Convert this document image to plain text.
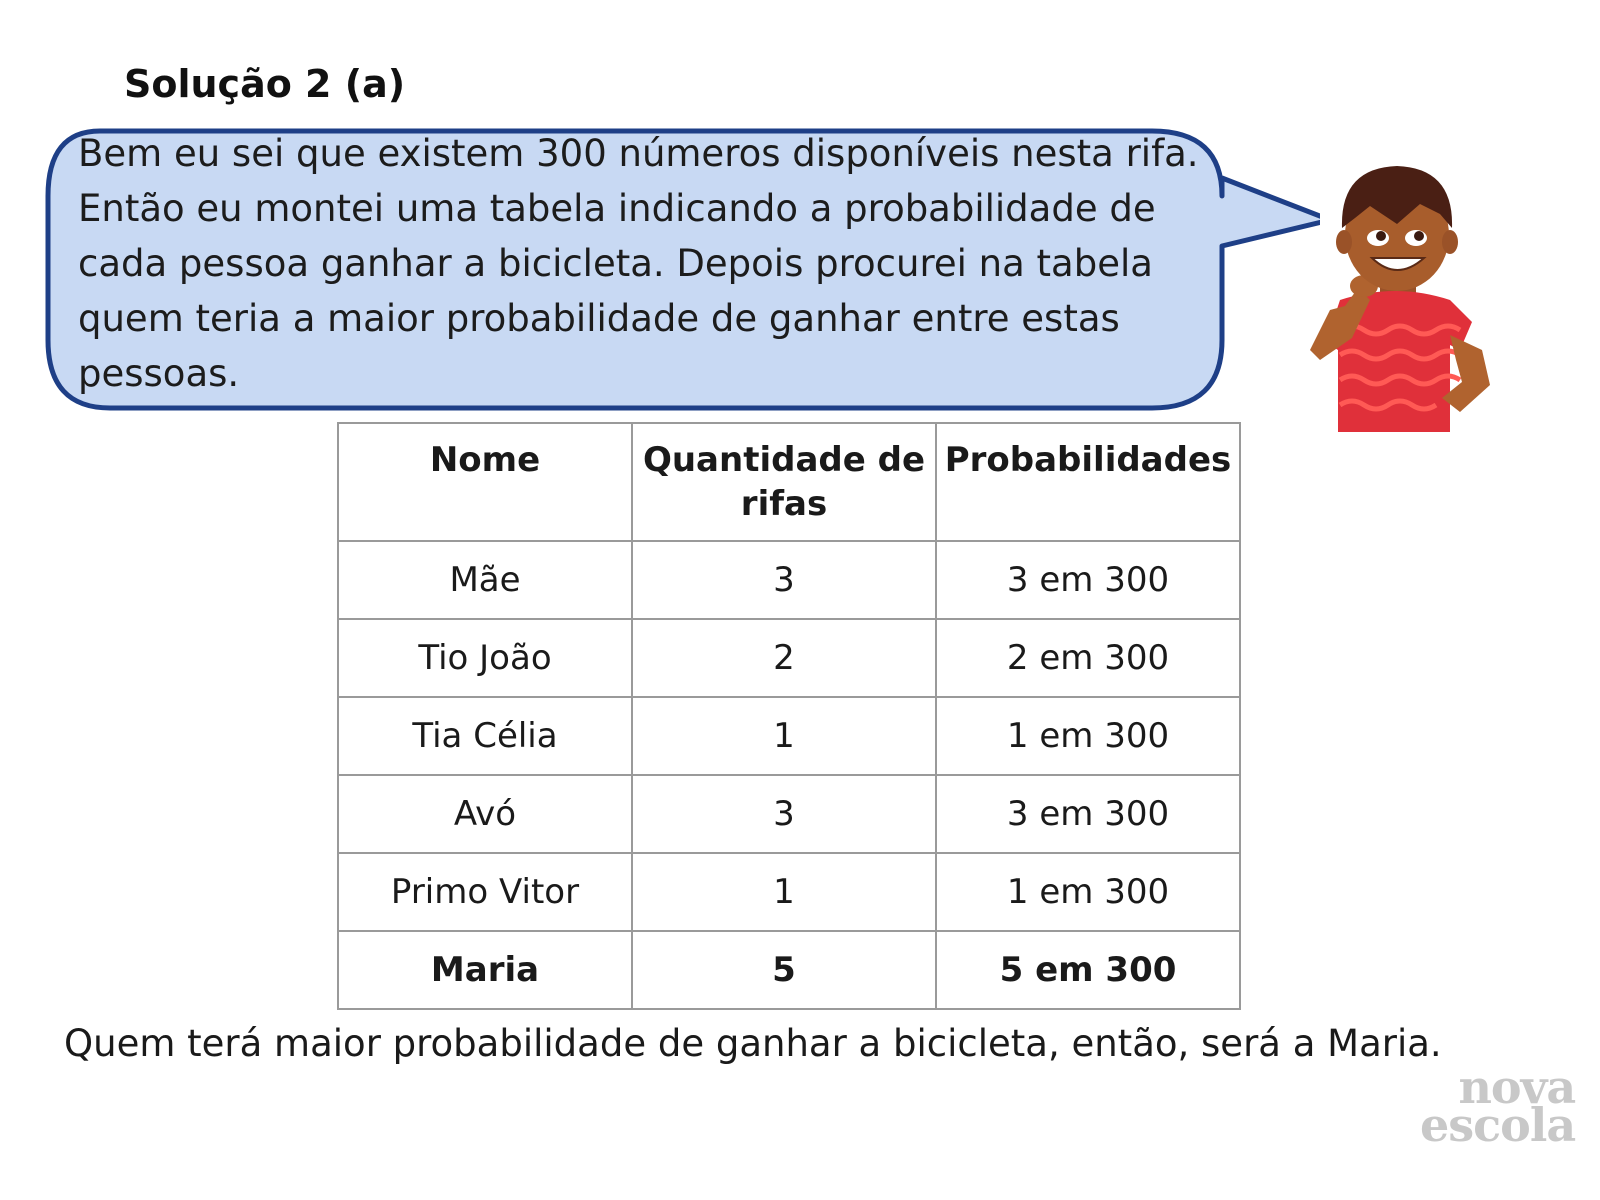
Solução 2 (a)

Bem eu sei que existem 300 números disponíveis nesta rifa. Então eu montei uma tabela indicando a probabilidade de cada pessoa ganhar a bicicleta. Depois procurei na tabela quem teria a maior probabilidade de ganhar entre estas pessoas.

Nome	Quantidade de rifas	Probabilidades
Mãe	3	3 em 300
Tio João	2	2 em 300
Tia Célia	1	1 em 300
Avó	3	3 em 300
Primo Vitor	1	1 em 300
Maria	5	5 em 300

Quem terá maior probabilidade de ganhar a bicicleta, então, será a Maria.

nova
escola
